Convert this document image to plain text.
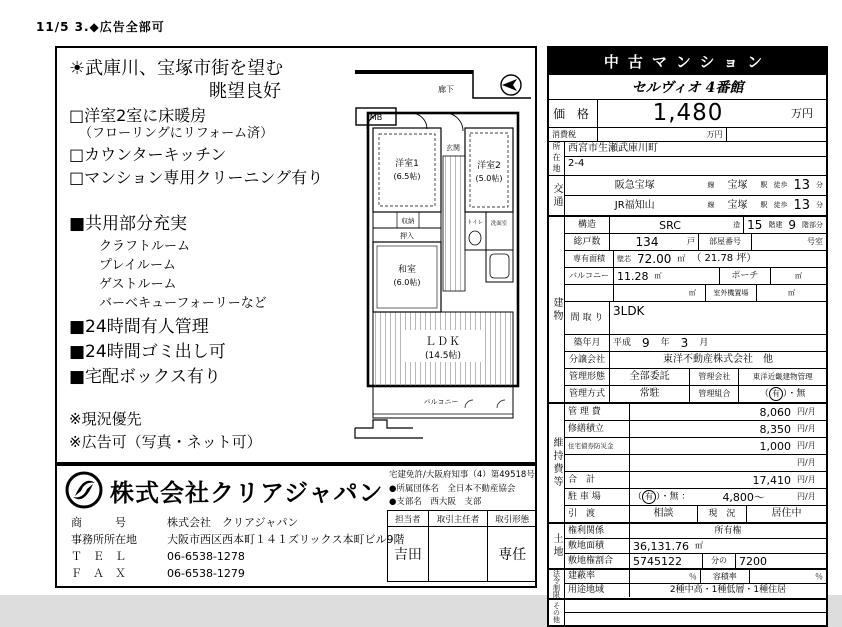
11/5 3.◆広告全部可
☀武庫川、宝塚市街を望む
眺望良好
□洋室2室に床暖房
（フローリングにリフォーム済）
□カウンターキッチン
□マンション専用クリーニング有り
■共用部分充実
クラフトルーム
プレイルーム
ゲストルーム
バーベキューフォーリーなど
■24時間有人管理
■24時間ゴミ出し可
■宅配ボックス有り
※現況優先
※広告可（写真・ネット可）
廊下
MB
洋室1
(6.5帖)
玄関
洋室2
(5.0帖)
収納
押入
和室
(6.0帖)
トイレ 洗面室
ＬＤＫ
(14.5帖)
バルコニー
株式会社クリアジャパン
商　　　号	株式会社　クリアジャパン
事務所所在地	大阪市西区西本町１４１ズリックス本町ビル9階
Ｔ　Ｅ　Ｌ	06-6538-1278
Ｆ　Ａ　Ｘ	06-6538-1279
宅建免許/大阪府知事（4）第49518号
●所属団体名　全日本不動産協会
●支部名　西大阪　支部
担当者	取引主任者	取引形態
吉田		専任
中古マンション
セルヴィオ 4番館
価 格	1,480	万円
消費税	万円
所在地 西宮市生瀬武庫川町
2-4
交通	阪急宝塚	線	宝塚	駅 徒歩 13 分
JR福知山	線	宝塚	駅 徒歩 13 分
建物
構造	SRC	造 15 階建 9 階部分
総戸数	134	戸	部屋番号	号室
専有面積	壁芯 72.00 ㎡ （ 21.78 坪）
バルコニー 11.28 ㎡	ポーチ	㎡
㎡	室外機置場	㎡
間 取 り 3LDK
築年月	平成 9	年 3	月
分譲会社	東洋不動産株式会社　他
管理形態	全部委託	管理会社	東洋近畿建物管理
管理方式	常駐	管理組合	（ 有 ）・無
維持費等
管 理 費	8,060 円/月
修繕積立	8,350 円/月
住宅債券防災金	1,000 円/月
円/月
合　計	17,410 円/月
駐 車 場	（ 有 ）・無 ：	4,800～	円/月
引　渡	相談	現　況	居住中
土地
権利関係	所有権
敷地面積	36,131.76 ㎡
敷地権割合	5745122	分の	7200
法令制限 建蔽率	％	容積率	％
用途地域	2種中高・1種低層・1種住居
その他
